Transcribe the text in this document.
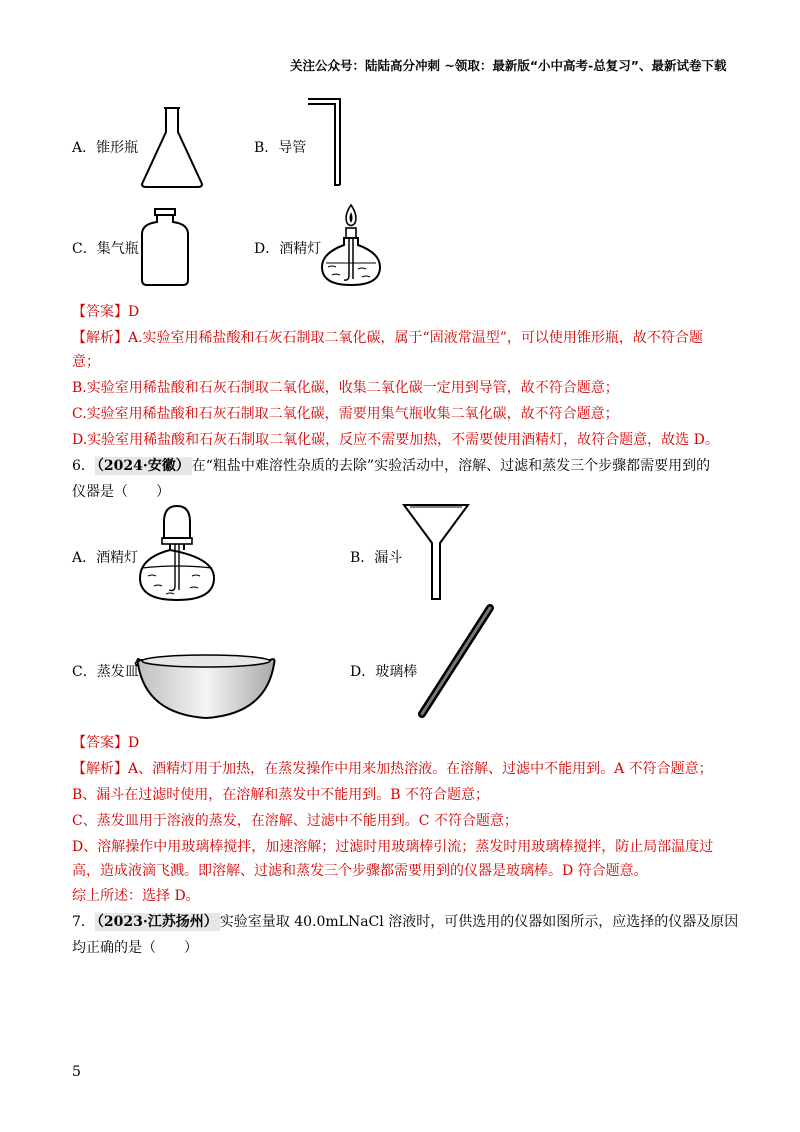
关注公众号：陆陆高分冲刺 ~领取：最新版“小中高考-总复习”、最新试卷下载
A．锥形瓶	B．导管
C．集气瓶	D．酒精灯
【答案】D
【解析】A.实验室用稀盐酸和石灰石制取二氧化碳，属于“固液常温型”，可以使用锥形瓶，故不符合题
意；
B.实验室用稀盐酸和石灰石制取二氧化碳，收集二氧化碳一定用到导管，故不符合题意；
C.实验室用稀盐酸和石灰石制取二氧化碳，需要用集气瓶收集二氧化碳，故不符合题意；
D.实验室用稀盐酸和石灰石制取二氧化碳，反应不需要加热，不需要使用酒精灯，故符合题意，故选 D。
6． （2024·安徽） 在“粗盐中难溶性杂质的去除”实验活动中，溶解、过滤和蒸发三个步骤都需要用到的
仪器是（　　）
A．酒精灯	B．漏斗
C．蒸发皿	D．玻璃棒
【答案】D
【解析】A、酒精灯用于加热，在蒸发操作中用来加热溶液。在溶解、过滤中不能用到。A 不符合题意；
B、漏斗在过滤时使用，在溶解和蒸发中不能用到。B 不符合题意；
C、蒸发皿用于溶液的蒸发，在溶解、过滤中不能用到。C 不符合题意；
D、溶解操作中用玻璃棒搅拌，加速溶解；过滤时用玻璃棒引流；蒸发时用玻璃棒搅拌，防止局部温度过
高，造成液滴飞溅。即溶解、过滤和蒸发三个步骤都需要用到的仪器是玻璃棒。D 符合题意。
综上所述：选择 D。
7． （2023·江苏扬州） 实验室量取 40.0mLNaCl 溶液时，可供选用的仪器如图所示，应选择的仪器及原因
均正确的是（　　）
5
